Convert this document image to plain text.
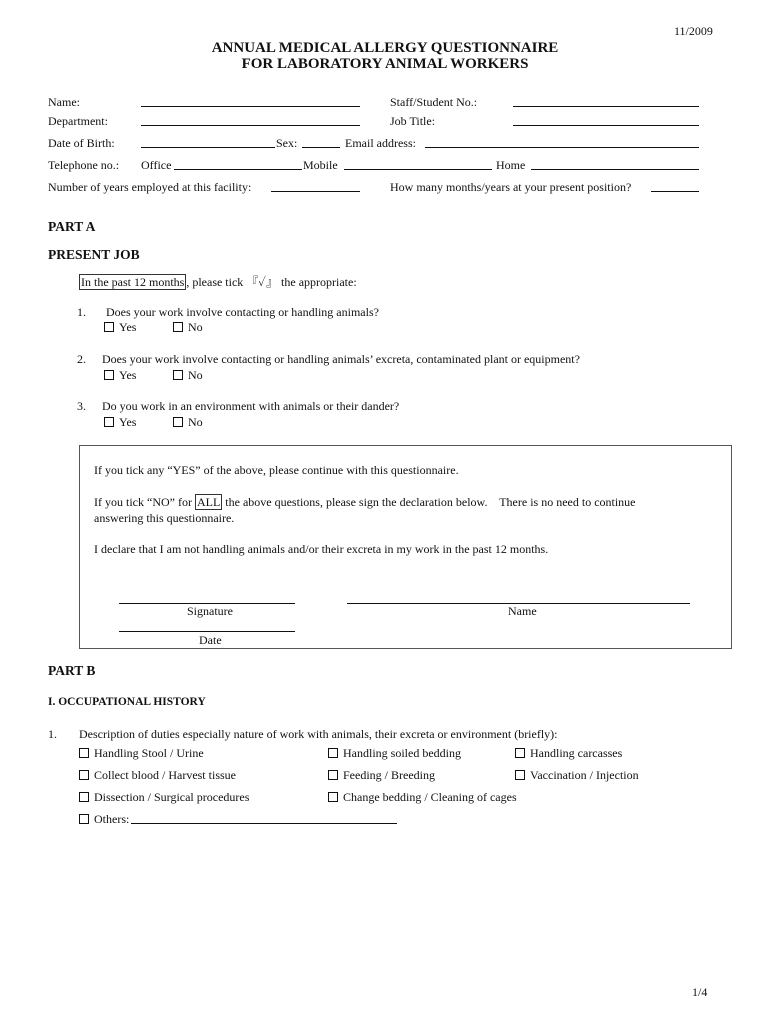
11/2009
ANNUAL MEDICAL ALLERGY QUESTIONNAIRE
FOR LABORATORY ANIMAL WORKERS
Name:	Staff/Student No.:
Department:	Job Title:
Date of Birth:	Sex:	Email address:
Telephone no.: Office	Mobile	Home
Number of years employed at this facility:	How many months/years at your present position?
PART A
PRESENT JOB
In the past 12 months , please tick 『✓』 the appropriate:
1. Does your work involve contacting or handling animals?
Yes	No
2. Does your work involve contacting or handling animals’ excreta, contaminated plant or equipment?
Yes	No
3. Do you work in an environment with animals or their dander?
Yes	No
If you tick any “YES” of the above, please continue with this questionnaire.
If you tick “NO” for ALL the above questions, please sign the declaration below.    There is no need to continue
answering this questionnaire.
I declare that I am not handling animals and/or their excreta in my work in the past 12 months.
Signature	Name
Date
PART B
I. OCCUPATIONAL HISTORY
1. Description of duties especially nature of work with animals, their excreta or environment (briefly):
Handling Stool / Urine	Handling soiled bedding	Handling carcasses
Collect blood / Harvest tissue	Feeding / Breeding	Vaccination / Injection
Dissection / Surgical procedures	Change bedding / Cleaning of cages
Others:
1/4
